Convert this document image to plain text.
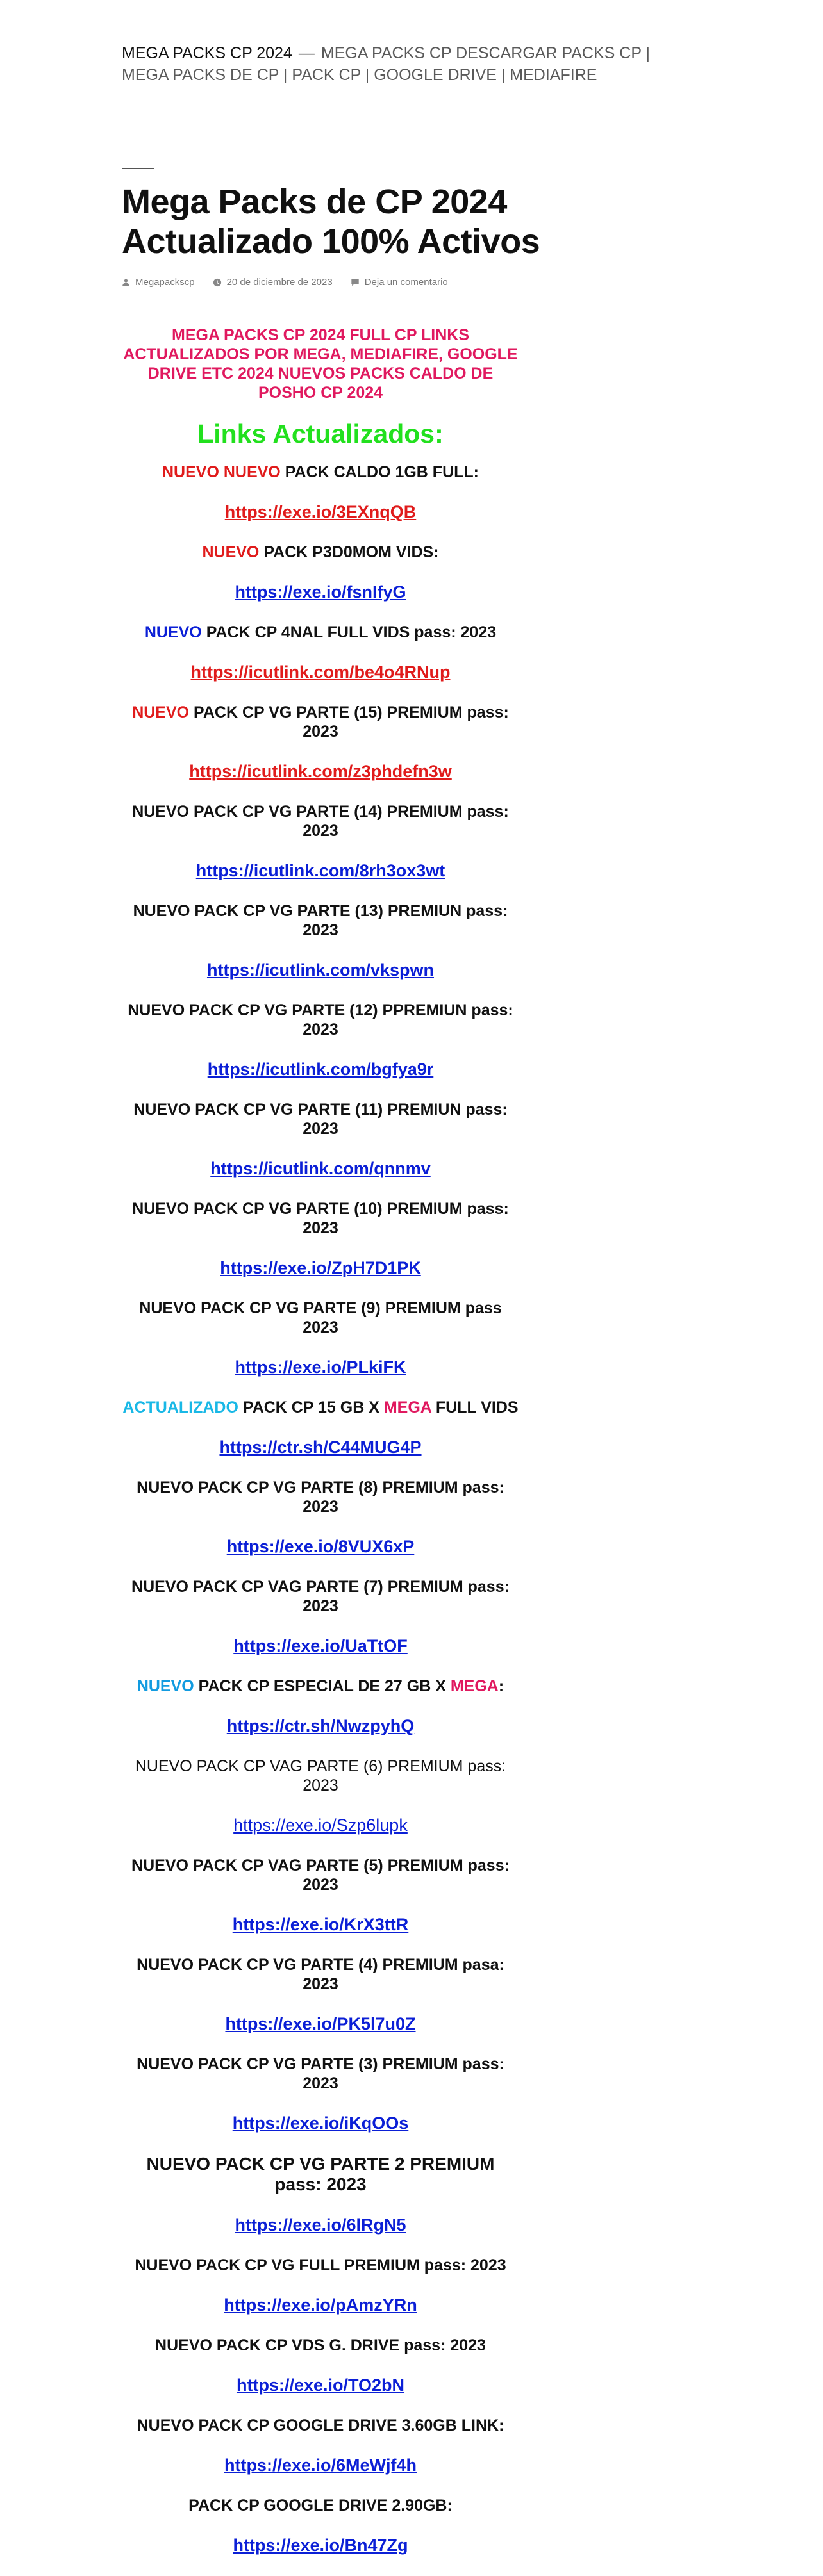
MEGA PACKS CP 2024 — MEGA PACKS CP DESCARGAR PACKS CP | MEGA PACKS DE CP | PACK CP | GOOGLE DRIVE | MEDIAFIRE
Mega Packs de CP 2024 Actualizado 100% Activos
Megapackscp	20 de diciembre de 2023	Deja un comentario

MEGA PACKS CP 2024 FULL CP LINKS ACTUALIZADOS POR MEGA, MEDIAFIRE, GOOGLE DRIVE ETC 2024 NUEVOS PACKS CALDO DE POSHO CP 2024

Links Actualizados:

NUEVO NUEVO PACK CALDO 1GB FULL:

https://exe.io/3EXnqQB

NUEVO PACK P3D0MOM VIDS:

https://exe.io/fsnIfyG

NUEVO PACK CP 4NAL FULL VIDS pass: 2023

https://icutlink.com/be4o4RNup

NUEVO PACK CP VG PARTE (15) PREMIUM pass: 2023

https://icutlink.com/z3phdefn3w

NUEVO PACK CP VG PARTE (14) PREMIUM pass: 2023

https://icutlink.com/8rh3ox3wt

NUEVO PACK CP VG PARTE (13) PREMIUN pass: 2023

https://icutlink.com/vkspwn

NUEVO PACK CP VG PARTE (12) PPREMIUN pass: 2023

https://icutlink.com/bgfya9r

NUEVO PACK CP VG PARTE (11) PREMIUN pass: 2023

https://icutlink.com/qnnmv

NUEVO PACK CP VG PARTE (10) PREMIUM pass: 2023

https://exe.io/ZpH7D1PK

NUEVO PACK CP VG PARTE (9) PREMIUM pass 2023

https://exe.io/PLkiFK

ACTUALIZADO PACK CP 15 GB X MEGA FULL VIDS

https://ctr.sh/C44MUG4P

NUEVO PACK CP VG PARTE (8) PREMIUM pass: 2023

https://exe.io/8VUX6xP

NUEVO PACK CP VAG PARTE (7) PREMIUM pass: 2023

https://exe.io/UaTtOF

NUEVO PACK CP ESPECIAL DE 27 GB X MEGA:

https://ctr.sh/NwzpyhQ

NUEVO PACK CP VAG PARTE (6) PREMIUM pass: 2023

https://exe.io/Szp6lupk

NUEVO PACK CP VAG PARTE (5) PREMIUM pass: 2023

https://exe.io/KrX3ttR

NUEVO PACK CP VG PARTE (4) PREMIUM pasa: 2023

https://exe.io/PK5l7u0Z

NUEVO PACK CP VG PARTE (3) PREMIUM pass: 2023

https://exe.io/iKqOOs

NUEVO PACK CP VG PARTE 2 PREMIUM pass: 2023

https://exe.io/6lRgN5

NUEVO PACK CP VG FULL PREMIUM pass: 2023

https://exe.io/pAmzYRn

NUEVO PACK CP VDS G. DRIVE pass: 2023

https://exe.io/TO2bN

NUEVO PACK CP GOOGLE DRIVE 3.60GB LINK:

https://exe.io/6MeWjf4h

PACK CP GOOGLE DRIVE 2.90GB:

https://exe.io/Bn47Zg
